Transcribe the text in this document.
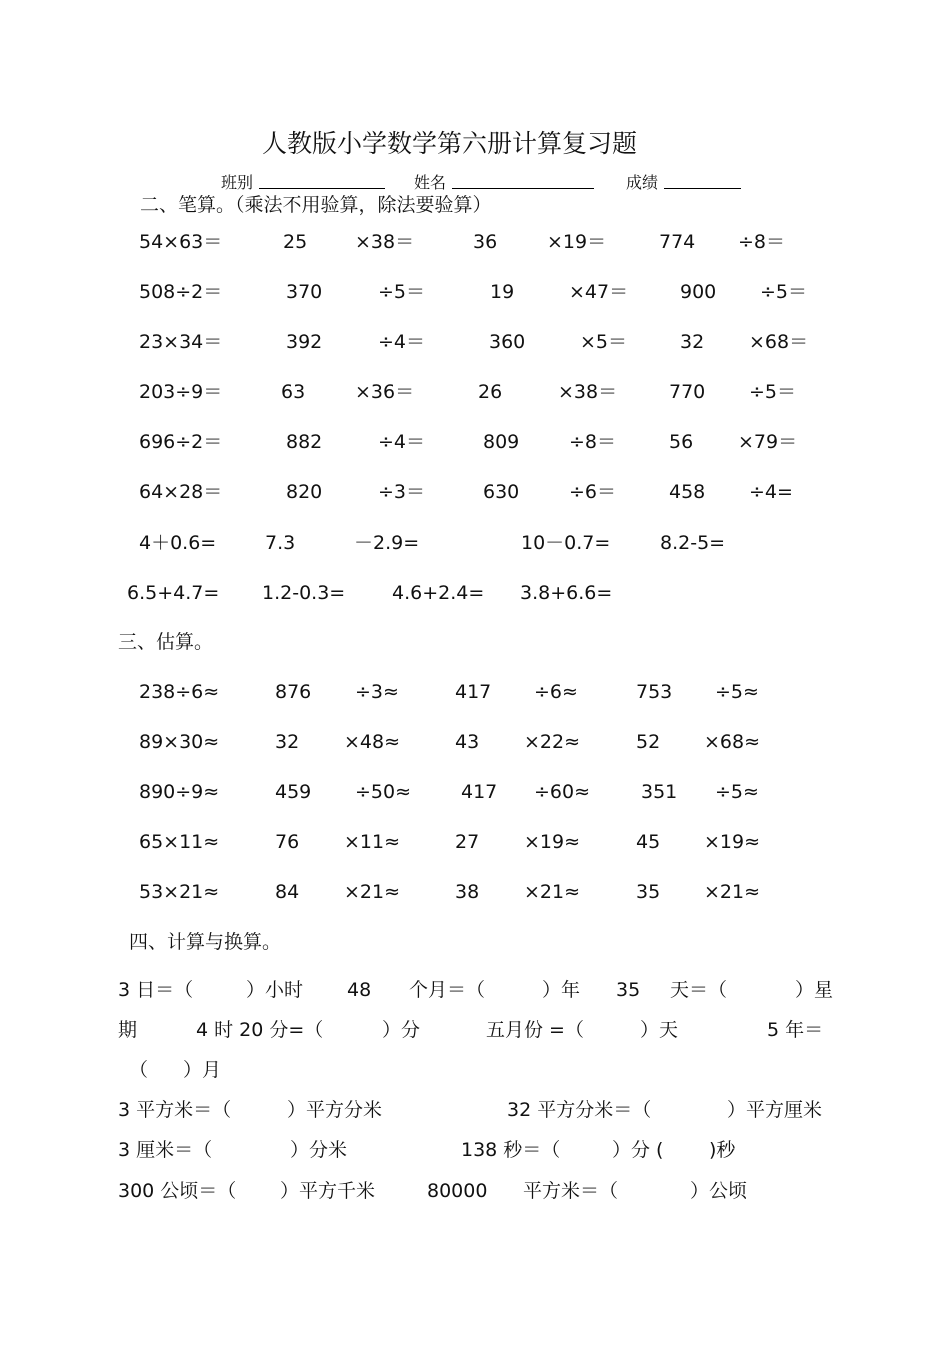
人教版小学数学第六册计算复习题
班别	姓名	成绩
二、笔算。（乘法不用验算，除法要验算）
54×63＝	25	×38＝	36	×19＝	774 ÷8＝
508÷2＝	370	÷5＝	19	×47＝	900 ÷5＝
23×34＝	392	÷4＝	360	×5＝	32 ×68＝
203÷9＝	63	×36＝	26	×38＝	770 ÷5＝
696÷2＝	882	÷4＝	809	÷8＝	56 ×79＝
64×28＝	820	÷3＝	630	÷6＝	458 ÷4=
4＋0.6=	7.3	－2.9=	10－0.7=	8.2-5=
6.5+4.7= 1.2-0.3= 4.6+2.4= 3.8+6.6=
三、估算。
238÷6≈	876 ÷3≈	417 ÷6≈	753 ÷5≈
89×30≈	32 ×48≈	43 ×22≈	52 ×68≈
890÷9≈	459 ÷50≈	417 ÷60≈	351 ÷5≈
65×11≈	76 ×11≈	27 ×19≈	45 ×19≈
53×21≈	84 ×21≈	38 ×21≈	35 ×21≈
四、计算与换算。
3 日＝（	）小时 48 个月＝（	）年 35 天＝（	）星
期	4 时 20 分=（	）分	五月份 =（	）天	5 年＝
（ ）月
3 平方米＝（	）平方分米	32 平方分米＝（	）平方厘米
3 厘米＝（	）分米	138 秒＝（	）分 ( )秒
300 公顷＝（ ）平方千米	80000 平方米＝（	）公顷
